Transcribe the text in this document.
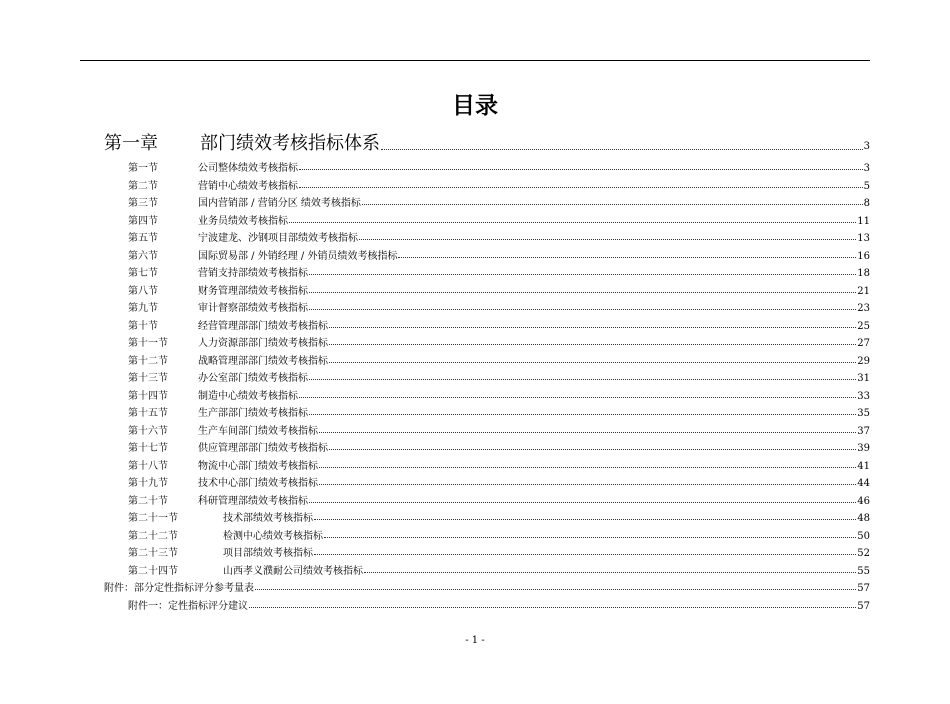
目录
第一章	部门绩效考核指标体系	3
第一节	公司整体绩效考核指标	3
第二节	营销中心绩效考核指标	5
第三节	国内营销部 / 营销分区 绩效考核指标	8
第四节	业务员绩效考核指标	11
第五节	宁波建龙、沙钢项目部绩效考核指标	13
第六节	国际贸易部 / 外销经理 / 外销员绩效考核指标	16
第七节	营销支持部绩效考核指标	18
第八节	财务管理部绩效考核指标	21
第九节	审计督察部绩效考核指标	23
第十节	经营管理部部门绩效考核指标	25
第十一节	人力资源部部门绩效考核指标	27
第十二节	战略管理部部门绩效考核指标	29
第十三节	办公室部门绩效考核指标	31
第十四节	制造中心绩效考核指标	33
第十五节	生产部部门绩效考核指标	35
第十六节	生产车间部门绩效考核指标	37
第十七节	供应管理部部门绩效考核指标	39
第十八节	物流中心部门绩效考核指标	41
第十九节	技术中心部门绩效考核指标	44
第二十节	科研管理部绩效考核指标	46
第二十一节	技术部绩效考核指标	48
第二十二节	检测中心绩效考核指标	50
第二十三节	项目部绩效考核指标	52
第二十四节	山西孝义濮耐公司绩效考核指标	55
附件：部分定性指标评分参考量表	57
附件一：定性指标评分建议	57
- 1 -
